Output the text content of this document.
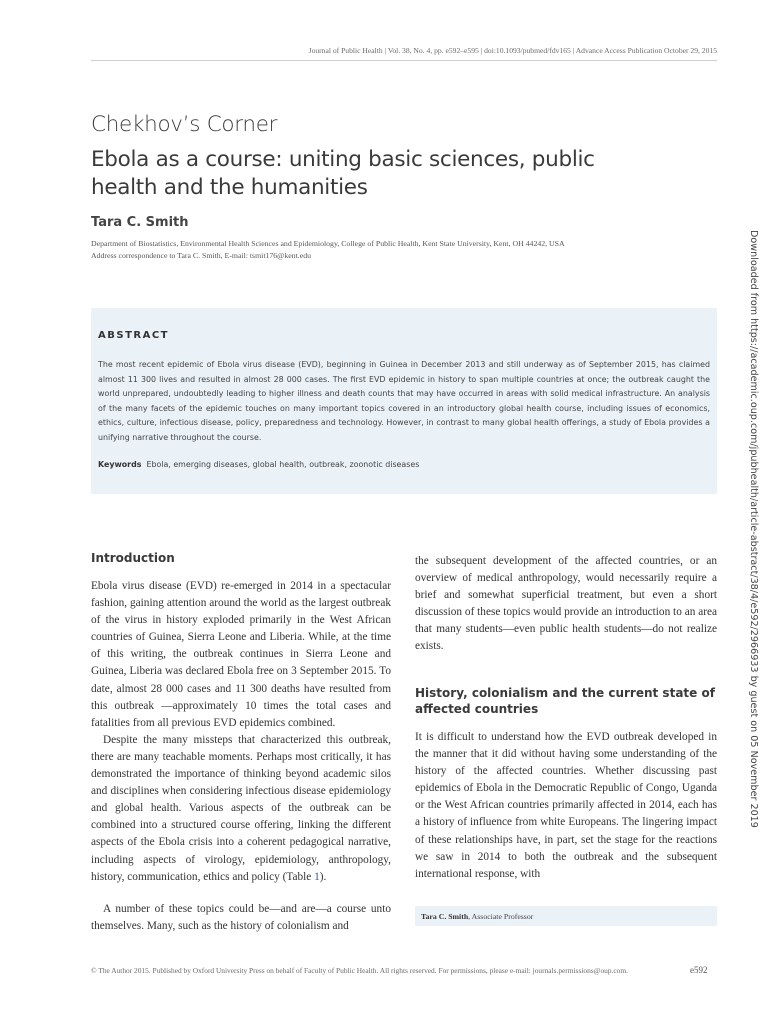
Journal of Public Health | Vol. 38, No. 4, pp. e592–e595 | doi:10.1093/pubmed/fdv165 | Advance Access Publication October 29, 2015
Chekhov’s Corner
Ebola as a course: uniting basic sciences, public health and the humanities
Tara C. Smith
Department of Biostatistics, Environmental Health Sciences and Epidemiology, College of Public Health, Kent State University, Kent, OH 44242, USA
Address correspondence to Tara C. Smith, E-mail: tsmit176@kent.edu
ABSTRACT
The most recent epidemic of Ebola virus disease (EVD), beginning in Guinea in December 2013 and still underway as of September 2015, has claimed almost 11 300 lives and resulted in almost 28 000 cases. The first EVD epidemic in history to span multiple countries at once; the outbreak caught the world unprepared, undoubtedly leading to higher illness and death counts that may have occurred in areas with solid medical infrastructure. An analysis of the many facets of the epidemic touches on many important topics covered in an introductory global health course, including issues of economics, ethics, culture, infectious disease, policy, preparedness and technology. However, in contrast to many global health offerings, a study of Ebola provides a unifying narrative throughout the course.
Keywords Ebola, emerging diseases, global health, outbreak, zoonotic diseases
Introduction

Ebola virus disease (EVD) re-emerged in 2014 in a spectacular fashion, gaining attention around the world as the largest outbreak of the virus in history exploded primarily in the West African countries of Guinea, Sierra Leone and Liberia. While, at the time of this writing, the outbreak continues in Sierra Leone and Guinea, Liberia was declared Ebola free on 3 September 2015. To date, almost 28 000 cases and 11 300 deaths have resulted from this outbreak —approximately 10 times the total cases and fatalities from all previous EVD epidemics combined.

Despite the many missteps that characterized this outbreak, there are many teachable moments. Perhaps most critically, it has demonstrated the importance of thinking beyond academic silos and disciplines when considering infectious disease epidemiology and global health. Various aspects of the outbreak can be combined into a structured course offering, linking the different aspects of the Ebola crisis into a coherent pedagogical narrative, including aspects of virology, epidemiology, anthropology, history, communication, ethics and policy (Table 1).

A number of these topics could be—and are—a course unto themselves. Many, such as the history of colonialism and

the subsequent development of the affected countries, or an overview of medical anthropology, would necessarily require a brief and somewhat superficial treatment, but even a short discussion of these topics would provide an introduction to an area that many students—even public health students—do not realize exists.

History, colonialism and the current state of affected countries

It is difficult to understand how the EVD outbreak developed in the manner that it did without having some understanding of the history of the affected countries. Whether discussing past epidemics of Ebola in the Democratic Republic of Congo, Uganda or the West African countries primarily affected in 2014, each has a history of influence from white Europeans. The lingering impact of these relationships have, in part, set the stage for the reactions we saw in 2014 to both the outbreak and the subsequent international response, with

Tara C. Smith, Associate Professor
© The Author 2015. Published by Oxford University Press on behalf of Faculty of Public Health. All rights reserved. For permissions, please e-mail: journals.permissions@oup.com.	e592
Downloaded from https://academic.oup.com/jpubhealth/article-abstract/38/4/e592/2966933 by guest on 05 November 2019
